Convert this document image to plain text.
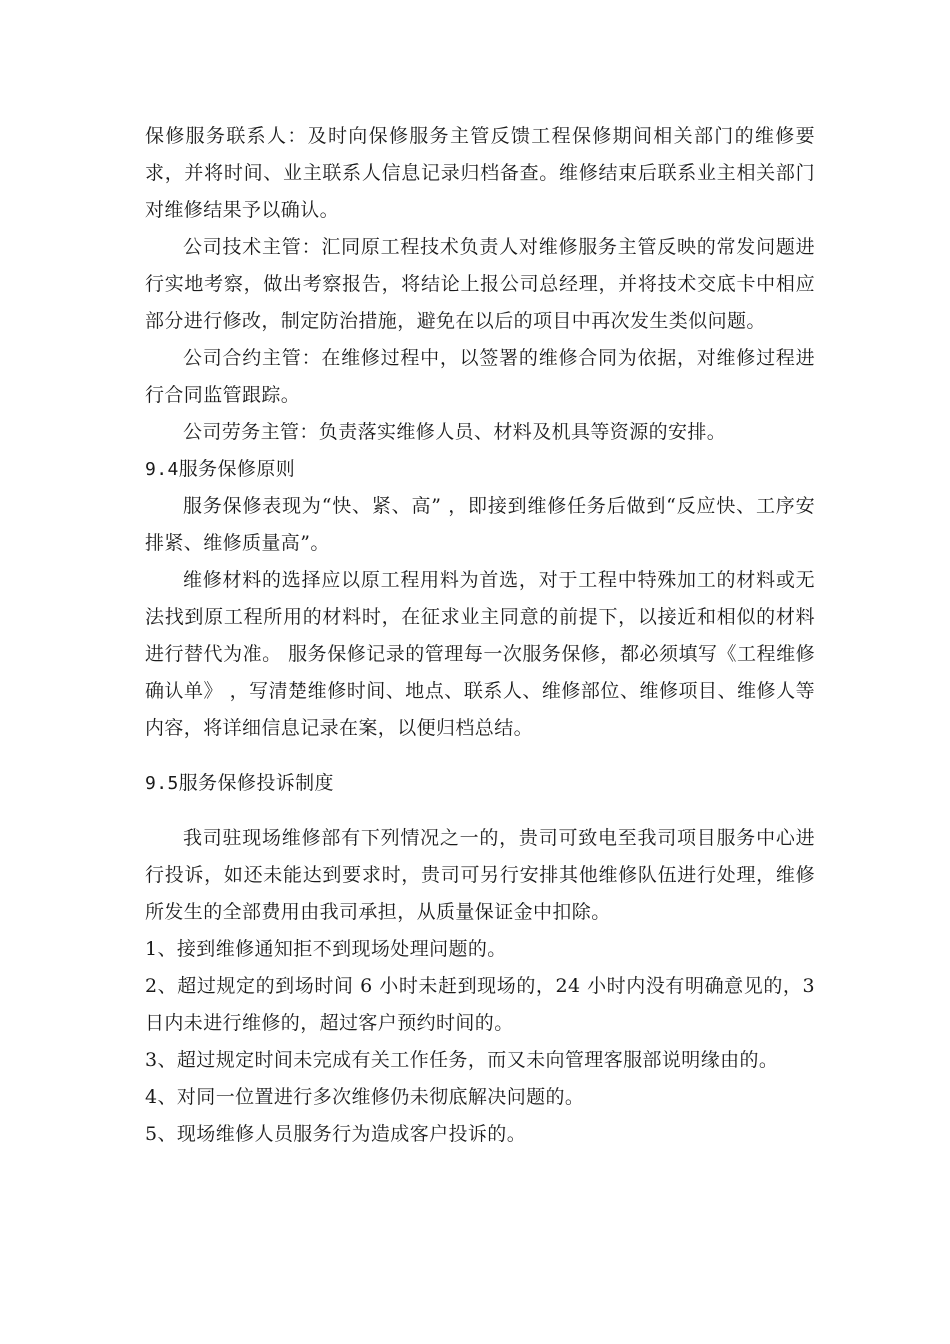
保修服务联系人：及时向保修服务主管反馈工程保修期间相关部门的维修要求，并将时间、业主联系人信息记录归档备查。维修结束后联系业主相关部门对维修结果予以确认。

公司技术主管：汇同原工程技术负责人对维修服务主管反映的常发问题进行实地考察，做出考察报告，将结论上报公司总经理，并将技术交底卡中相应部分进行修改，制定防治措施，避免在以后的项目中再次发生类似问题。

公司合约主管：在维修过程中，以签署的维修合同为依据，对维修过程进行合同监管跟踪。

公司劳务主管：负责落实维修人员、材料及机具等资源的安排。

9.4服务保修原则

服务保修表现为“快、紧、高” ，即接到维修任务后做到“反应快、工序安排紧、维修质量高”。

维修材料的选择应以原工程用料为首选，对于工程中特殊加工的材料或无法找到原工程所用的材料时，在征求业主同意的前提下，以接近和相似的材料进行替代为准。 服务保修记录的管理每一次服务保修，都必须填写《工程维修确认单》 ，写清楚维修时间、地点、联系人、维修部位、维修项目、维修人等内容，将详细信息记录在案，以便归档总结。

9.5服务保修投诉制度

我司驻现场维修部有下列情况之一的，贵司可致电至我司项目服务中心进行投诉，如还未能达到要求时，贵司可另行安排其他维修队伍进行处理，维修所发生的全部费用由我司承担，从质量保证金中扣除。

1、接到维修通知拒不到现场处理问题的。

2、超过规定的到场时间 6 小时未赶到现场的，24 小时内没有明确意见的，3日内未进行维修的，超过客户预约时间的。

3、超过规定时间未完成有关工作任务，而又未向管理客服部说明缘由的。

4、对同一位置进行多次维修仍未彻底解决问题的。

5、现场维修人员服务行为造成客户投诉的。
